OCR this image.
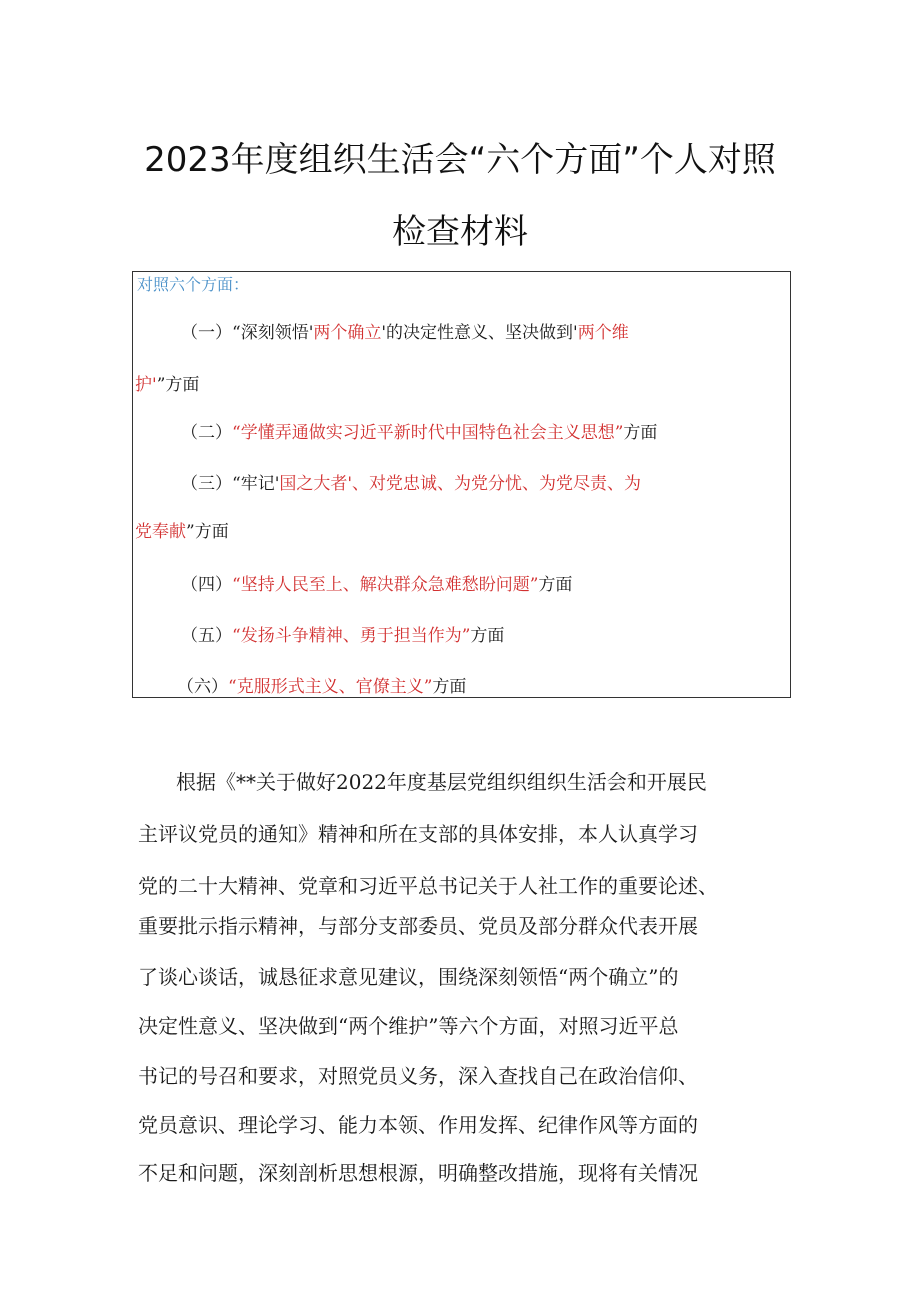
2023年度组织生活会“六个方面”个人对照
检查材料
对照六个方面：
（一）“深刻领悟'两个确立'的决定性意义、坚决做到'两个维
护'”方面
（二）“学懂弄通做实习近平新时代中国特色社会主义思想”方面
（三）“牢记'国之大者'、对党忠诚、为党分忧、为党尽责、为
党奉献”方面
（四）“坚持人民至上、解决群众急难愁盼问题”方面
（五）“发扬斗争精神、勇于担当作为”方面
（六）“克服形式主义、官僚主义”方面
根据《**关于做好2022年度基层党组织组织生活会和开展民
主评议党员的通知》精神和所在支部的具体安排，本人认真学习
党的二十大精神、党章和习近平总书记关于人社工作的重要论述、
重要批示指示精神，与部分支部委员、党员及部分群众代表开展
了谈心谈话，诚恳征求意见建议，围绕深刻领悟“两个确立”的
决定性意义、坚决做到“两个维护”等六个方面，对照习近平总
书记的号召和要求，对照党员义务，深入查找自己在政治信仰、
党员意识、理论学习、能力本领、作用发挥、纪律作风等方面的
不足和问题，深刻剖析思想根源，明确整改措施，现将有关情况
